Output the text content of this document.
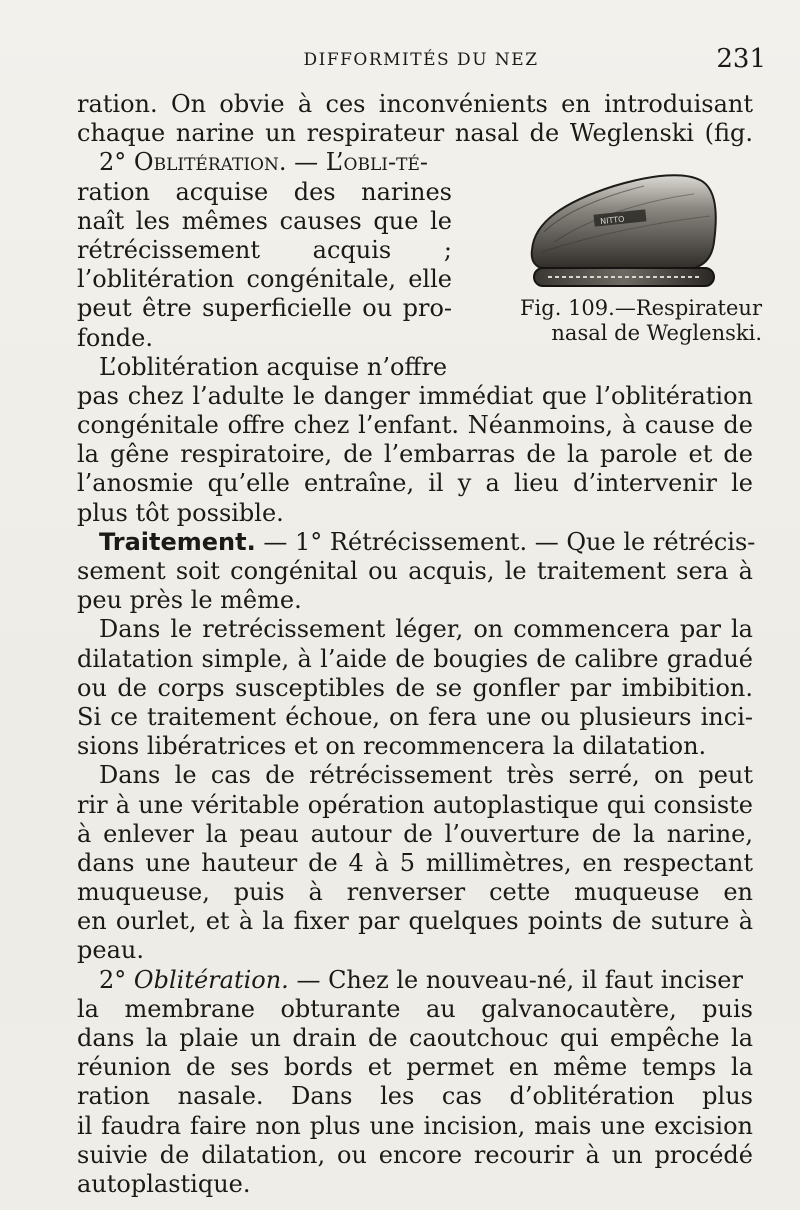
DIFFORMITÉS DU NEZ	231
NITTO
Fig. 109.—Respirateur
nasal de Weglenski.
ration. On obvie à ces inconvénients en introduisant
chaque narine un respirateur nasal de Weglenski (fig.
2° Oblitération. — L’obli-té-
ration acquise des narines
naît les mêmes causes que le
rétrécissement acquis ;
l’oblitération congénitale, elle
peut être superficielle ou pro-
fonde.
L’oblitération acquise n’offre
pas chez l’adulte le danger immédiat que l’oblitération
congénitale offre chez l’enfant. Néanmoins, à cause de
la gêne respiratoire, de l’embarras de la parole et de
l’anosmie qu’elle entraîne, il y a lieu d’intervenir le
plus tôt possible.
Traitement. — 1° Rétrécissement. — Que le rétrécis-
sement soit congénital ou acquis, le traitement sera à
peu près le même.
Dans le retrécissement léger, on commencera par la
dilatation simple, à l’aide de bougies de calibre gradué
ou de corps susceptibles de se gonfler par imbibition.
Si ce traitement échoue, on fera une ou plusieurs inci-
sions libératrices et on recommencera la dilatation.
Dans le cas de rétrécissement très serré, on peut
rir à une véritable opération autoplastique qui consiste
à enlever la peau autour de l’ouverture de la narine,
dans une hauteur de 4 à 5 millimètres, en respectant
muqueuse, puis à renverser cette muqueuse en
en ourlet, et à la fixer par quelques points de suture à
peau.
2° Oblitération. — Chez le nouveau-né, il faut inciser
la membrane obturante au galvanocautère, puis
dans la plaie un drain de caoutchouc qui empêche la
réunion de ses bords et permet en même temps la
ration nasale. Dans les cas d’oblitération plus
il faudra faire non plus une incision, mais une excision
suivie de dilatation, ou encore recourir à un procédé
autoplastique.
